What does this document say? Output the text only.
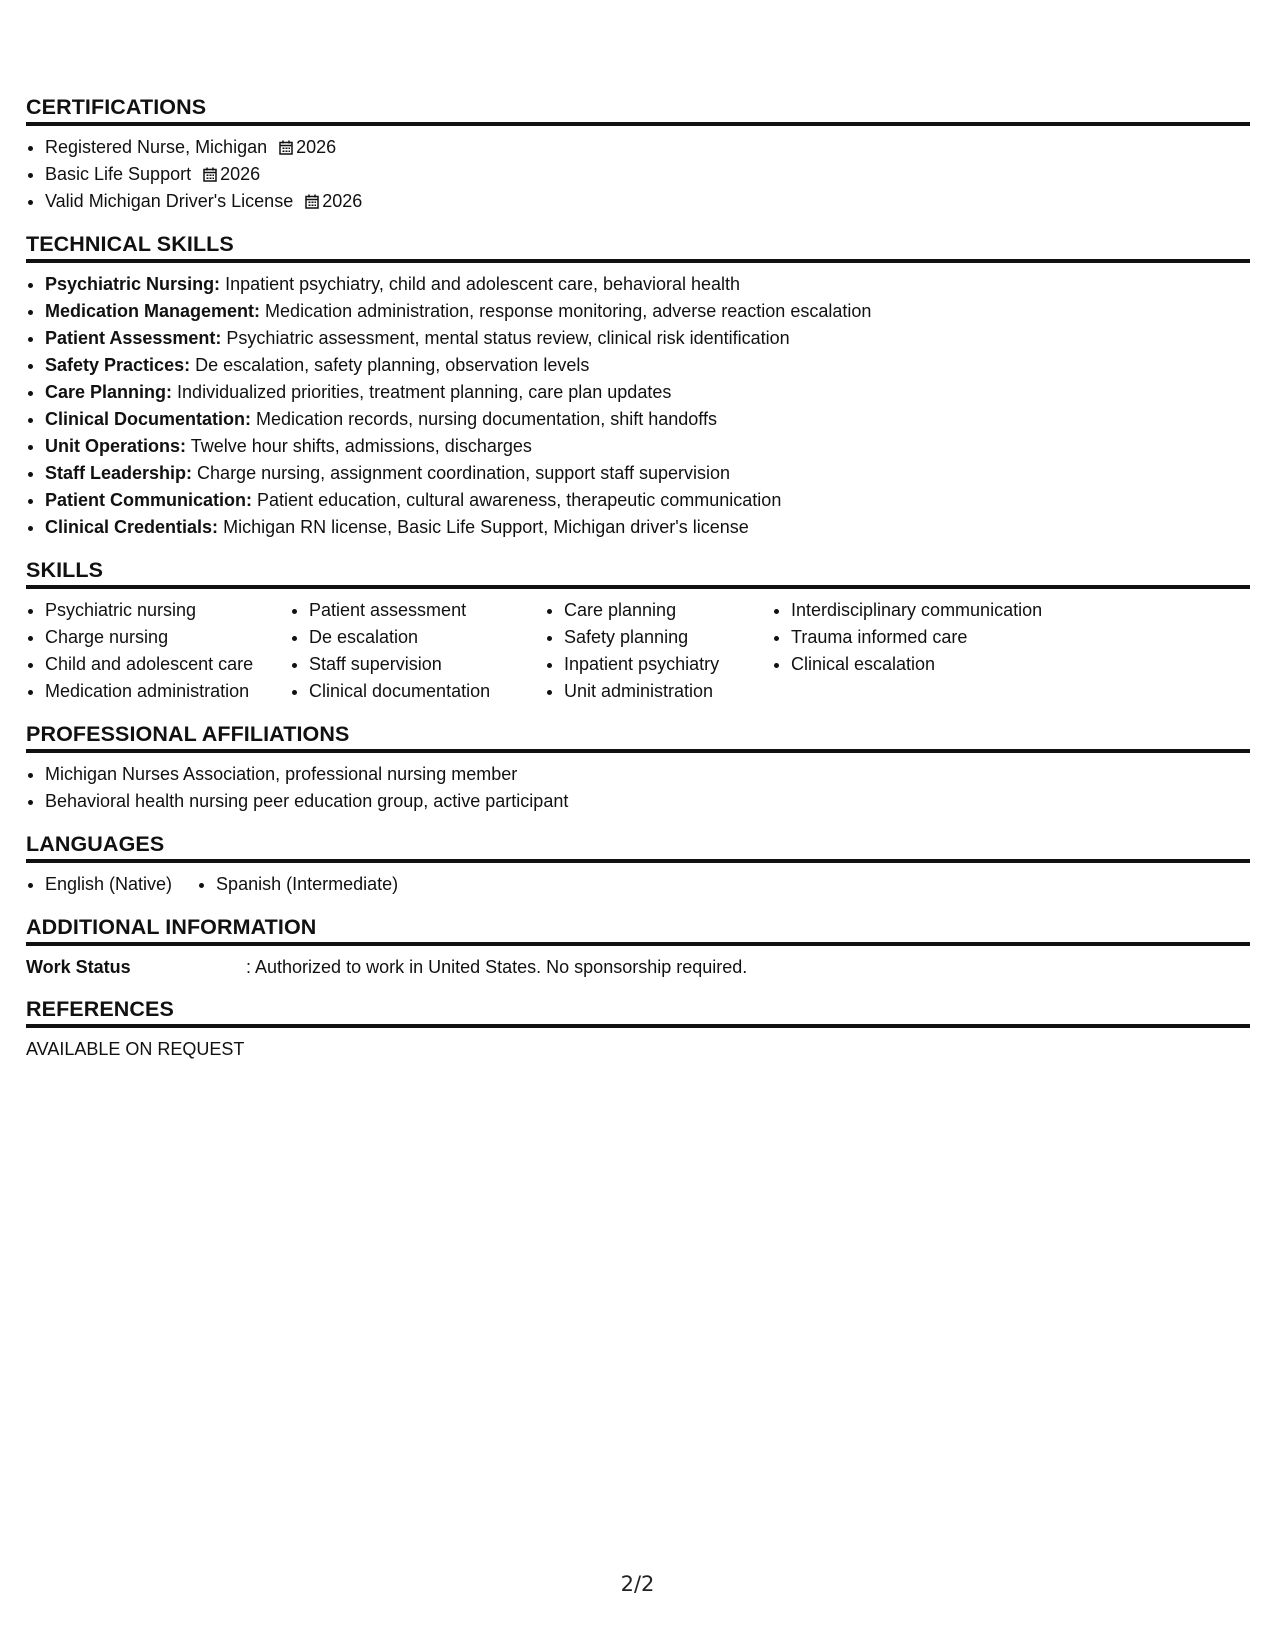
CERTIFICATIONS
• Registered Nurse, Michigan 2026
• Basic Life Support 2026
• Valid Michigan Driver's License 2026
TECHNICAL SKILLS
• Psychiatric Nursing: Inpatient psychiatry, child and adolescent care, behavioral health
• Medication Management: Medication administration, response monitoring, adverse reaction escalation
• Patient Assessment: Psychiatric assessment, mental status review, clinical risk identification
• Safety Practices: De escalation, safety planning, observation levels
• Care Planning: Individualized priorities, treatment planning, care plan updates
• Clinical Documentation: Medication records, nursing documentation, shift handoffs
• Unit Operations: Twelve hour shifts, admissions, discharges
• Staff Leadership: Charge nursing, assignment coordination, support staff supervision
• Patient Communication: Patient education, cultural awareness, therapeutic communication
• Clinical Credentials: Michigan RN license, Basic Life Support, Michigan driver's license
SKILLS
• Psychiatric nursing
• Charge nursing
• Child and adolescent care
• Medication administration
• Patient assessment
• De escalation
• Staff supervision
• Clinical documentation
• Care planning
• Safety planning
• Inpatient psychiatry
• Unit administration
• Interdisciplinary communication
• Trauma informed care
• Clinical escalation
PROFESSIONAL AFFILIATIONS
• Michigan Nurses Association, professional nursing member
• Behavioral health nursing peer education group, active participant
LANGUAGES
• English (Native)
• Spanish (Intermediate)
ADDITIONAL INFORMATION
Work Status	: Authorized to work in United States. No sponsorship required.
REFERENCES
AVAILABLE ON REQUEST
2/2
